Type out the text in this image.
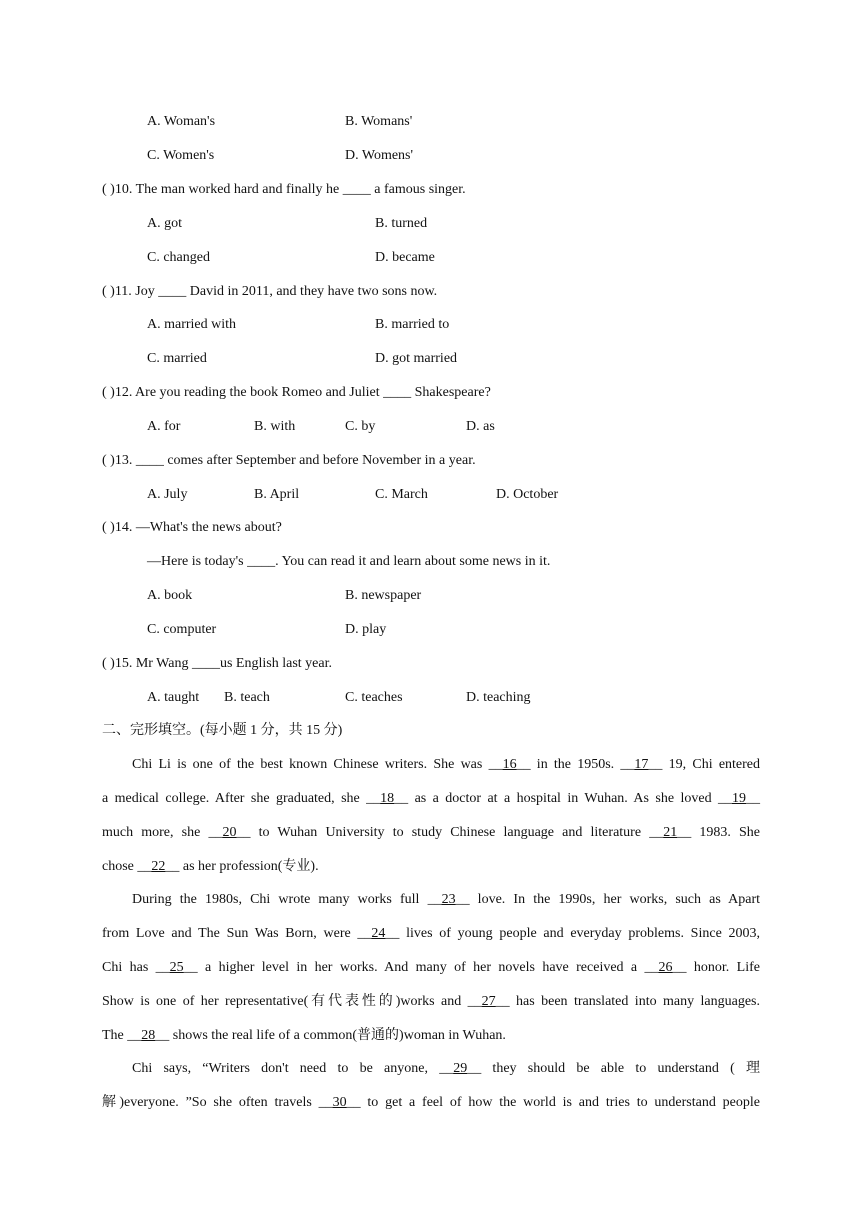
A. Woman's	B. Womans'
C. Women's	D. Womens'
( )10. The man worked hard and finally he ____ a famous singer.
A. got	B. turned
C. changed	D. became
( )11. Joy ____ David in 2011, and they have two sons now.
A. married with	B. married to
C. married	D. got married
( )12. Are you reading the book Romeo and Juliet ____ Shakespeare?
A. for	B. with	C. by	D. as
( )13. ____ comes after September and before November in a year.
A. July	B. April	C. March	D. October
( )14. —What's the news about?
—Here is today's ____. You can read it and learn about some news in it.
A. book	B. newspaper
C. computer	D. play
( )15. Mr Wang ____us English last year.
A. taught B. teach	C. teaches	D. teaching
二、完形填空。(每小题 1 分，共 15 分)
Chi Li is one of the best known Chinese writers. She was __16__ in the 1950s. __17__ 19, Chi entered
a medical college. After she graduated, she __18__ as a doctor at a hospital in Wuhan. As she loved __19__
much more, she __20__ to Wuhan University to study Chinese language and literature __21__ 1983. She
chose __22__ as her profession(专业).
During the 1980s, Chi wrote many works full __23__ love. In the 1990s, her works, such as Apart
from Love and The Sun Was Born, were __24__ lives of young people and everyday problems. Since 2003,
Chi has __25__ a higher level in her works. And many of her novels have received a __26__ honor. Life
Show is one of her representative(有代表性的)works and __27__ has been translated into many languages.
The __28__ shows the real life of a common(普通的)woman in Wuhan.
Chi says, “Writers don't need to be anyone, __29__ they should be able to understand ( 理
解)everyone. ”So she often travels __30__ to get a feel of how the world is and tries to understand people
